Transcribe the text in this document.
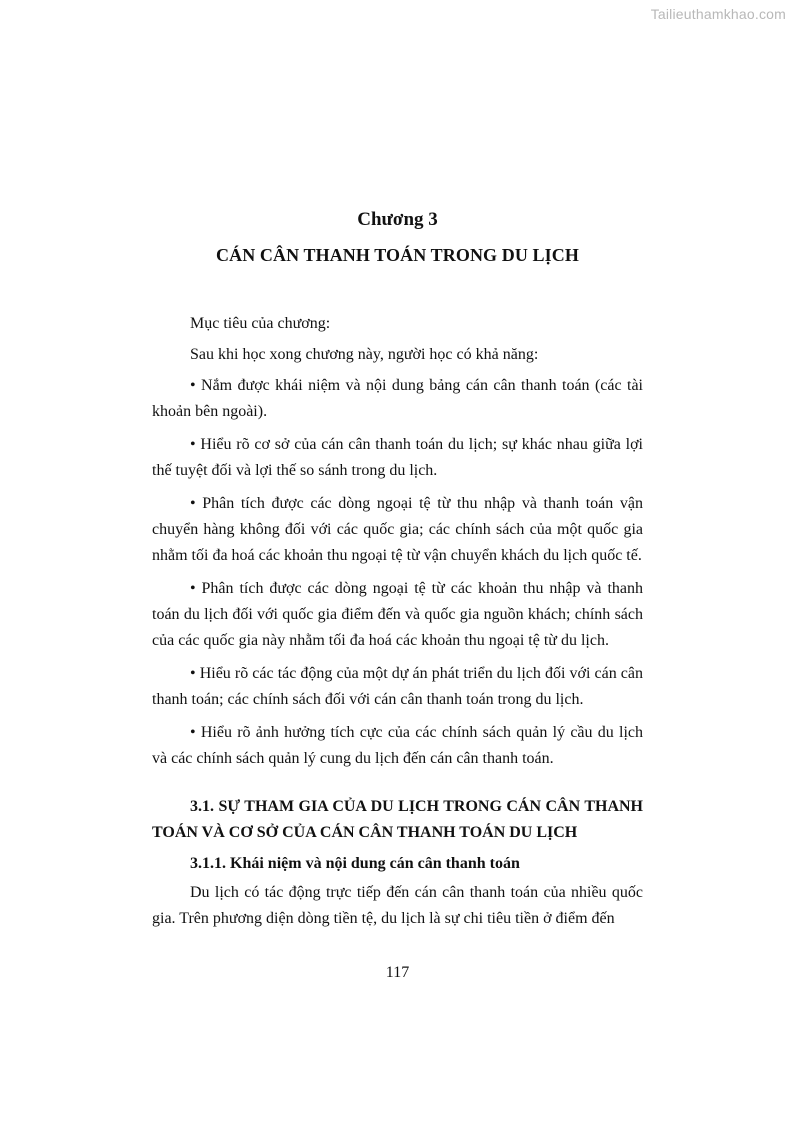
Tailieuthamkhao.com
Chương 3
CÁN CÂN THANH TOÁN TRONG DU LỊCH

Mục tiêu của chương:

Sau khi học xong chương này, người học có khả năng:

• Nắm được khái niệm và nội dung bảng cán cân thanh toán (các tài khoản bên ngoài).

• Hiểu rõ cơ sở của cán cân thanh toán du lịch; sự khác nhau giữa lợi thế tuyệt đối và lợi thế so sánh trong du lịch.

• Phân tích được các dòng ngoại tệ từ thu nhập và thanh toán vận chuyển hàng không đối với các quốc gia; các chính sách của một quốc gia nhằm tối đa hoá các khoản thu ngoại tệ từ vận chuyển khách du lịch quốc tế.

• Phân tích được các dòng ngoại tệ từ các khoản thu nhập và thanh toán du lịch đối với quốc gia điểm đến và quốc gia nguồn khách; chính sách của các quốc gia này nhằm tối đa hoá các khoản thu ngoại tệ từ du lịch.

• Hiểu rõ các tác động của một dự án phát triển du lịch đối với cán cân thanh toán; các chính sách đối với cán cân thanh toán trong du lịch.

• Hiểu rõ ảnh hưởng tích cực của các chính sách quản lý cầu du lịch và các chính sách quản lý cung du lịch đến cán cân thanh toán.

3.1. SỰ THAM GIA CỦA DU LỊCH TRONG CÁN CÂN THANH TOÁN VÀ CƠ SỞ CỦA CÁN CÂN THANH TOÁN DU LỊCH

3.1.1. Khái niệm và nội dung cán cân thanh toán

Du lịch có tác động trực tiếp đến cán cân thanh toán của nhiều quốc gia. Trên phương diện dòng tiền tệ, du lịch là sự chi tiêu tiền ở điểm đến

117
